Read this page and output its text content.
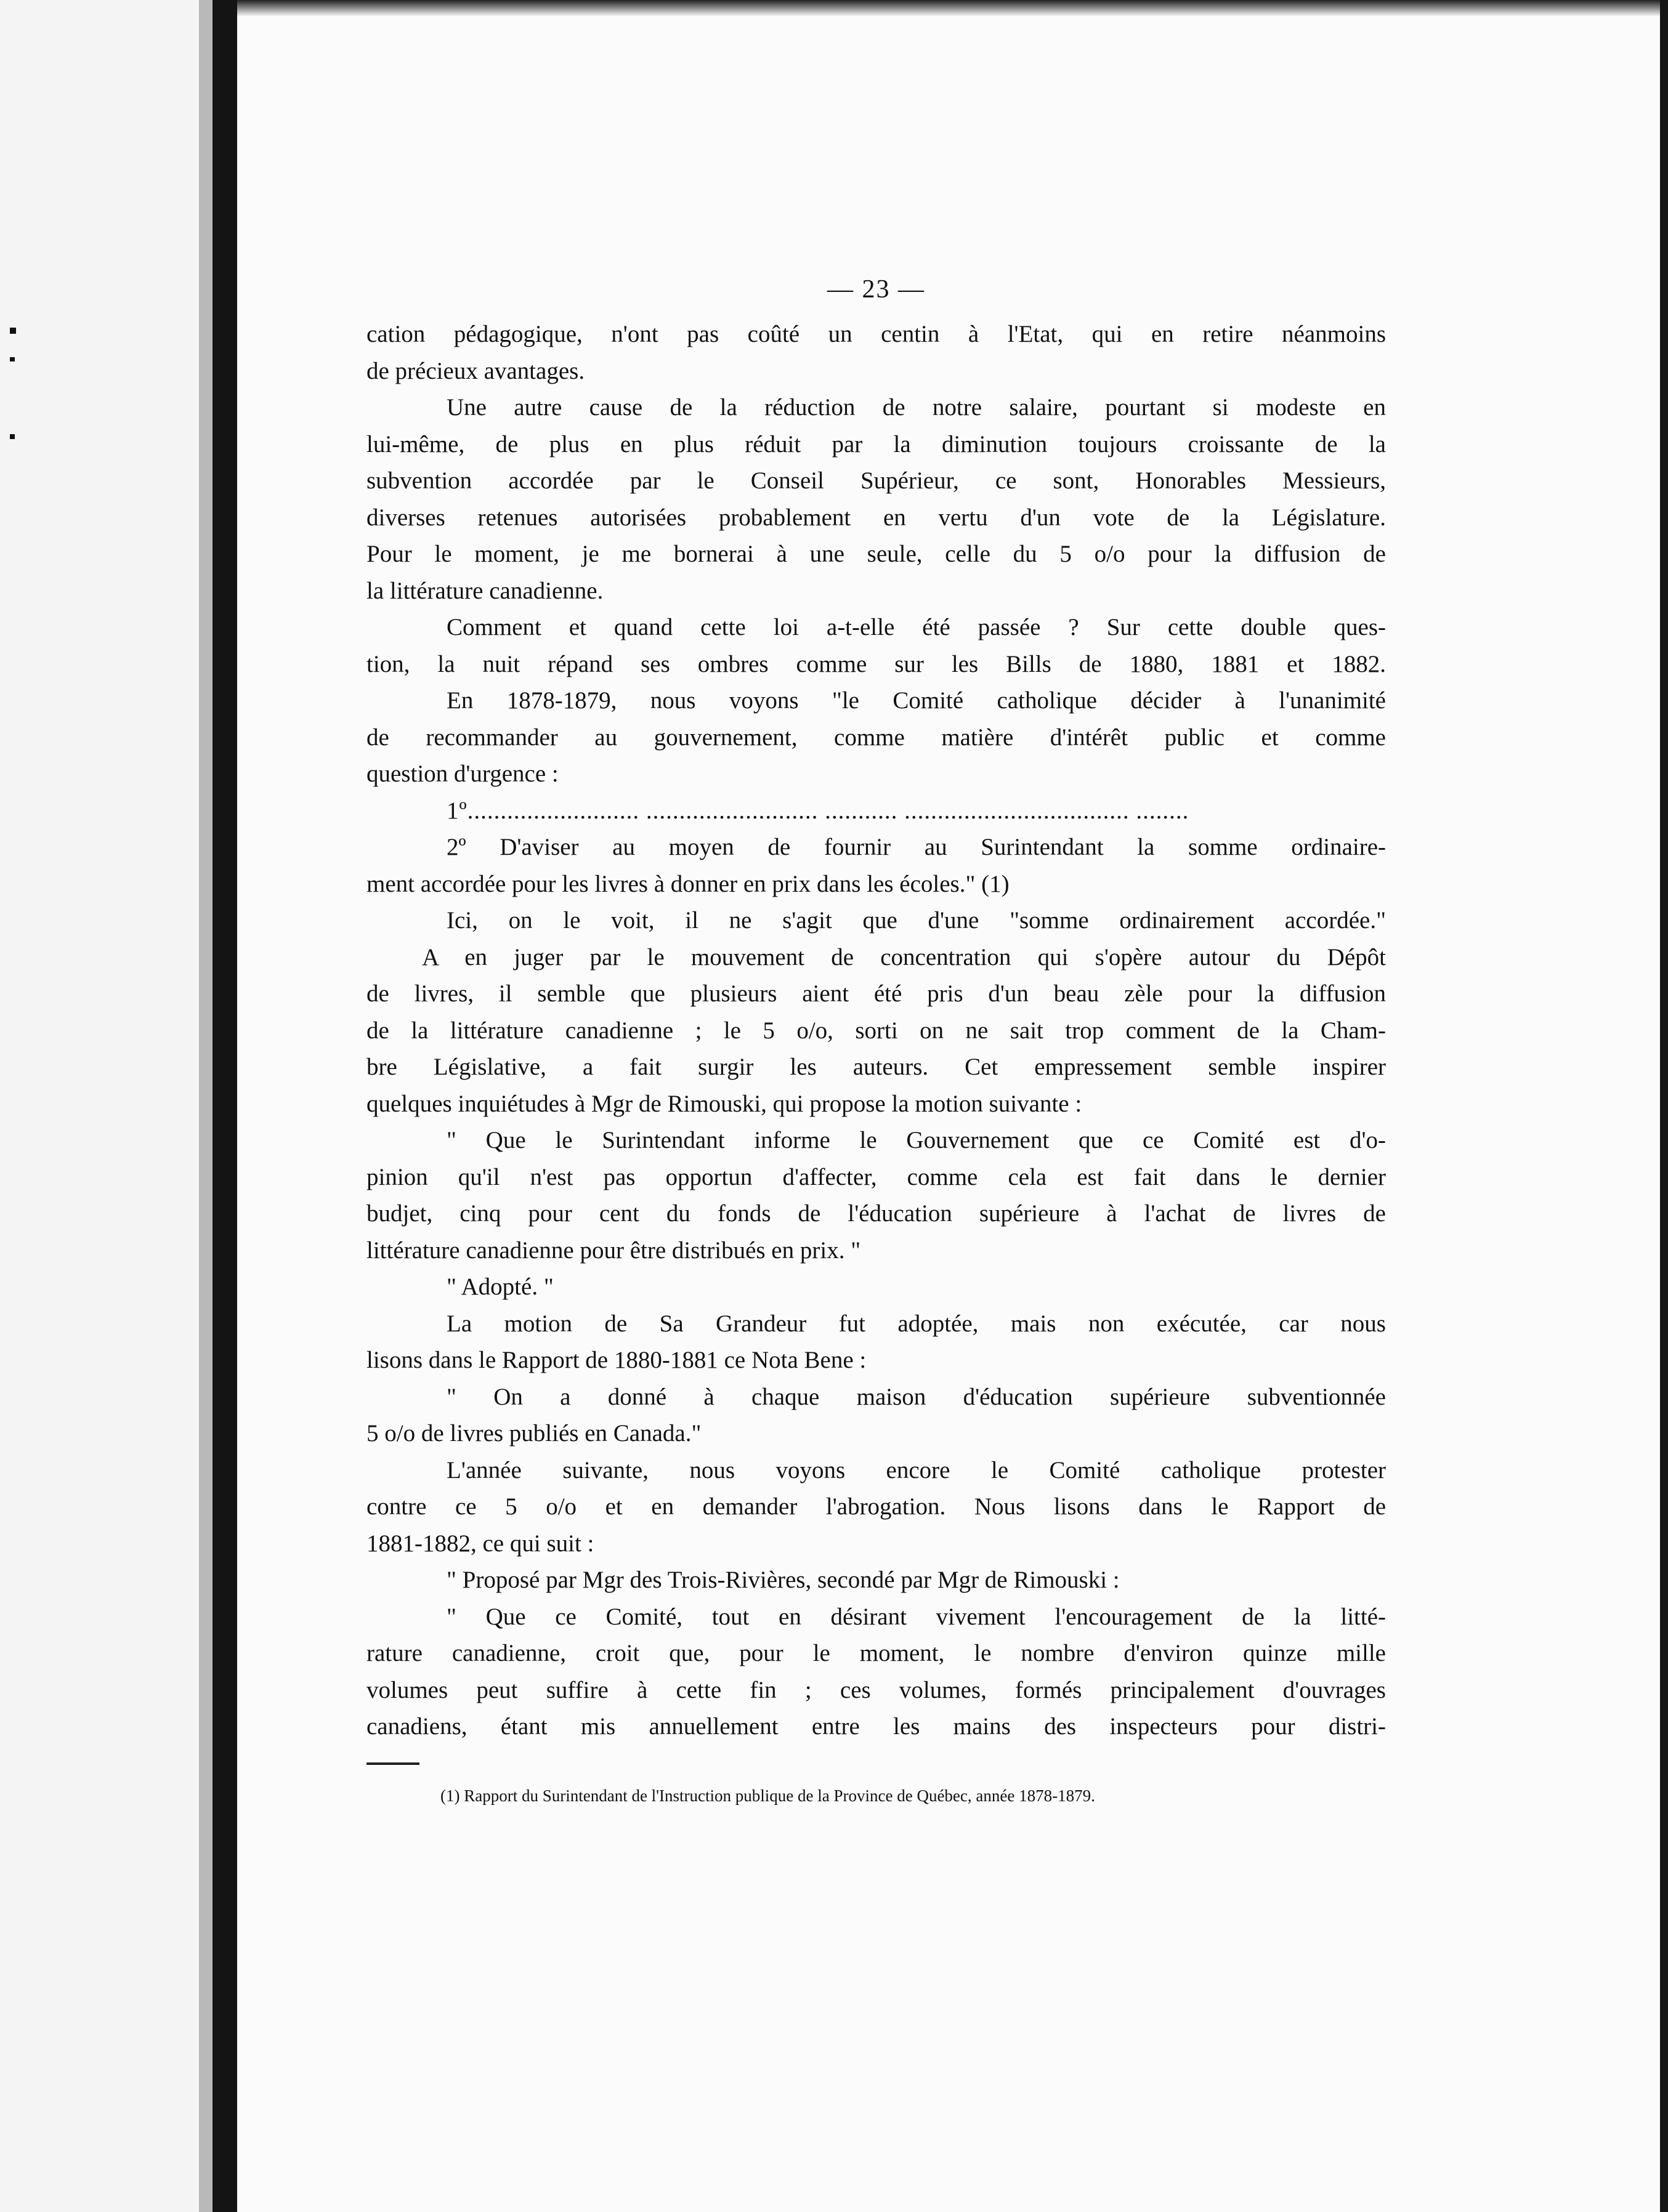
— 23 —
cation pédagogique, n'ont pas coûté un centin à l'Etat, qui en retire néanmoins
de précieux avantages.
Une autre cause de la réduction de notre salaire, pourtant si modeste en
lui-même, de plus en plus réduit par la diminution toujours croissante de la
subvention accordée par le Conseil Supérieur, ce sont, Honorables Messieurs,
diverses retenues autorisées probablement en vertu d'un vote de la Législature.
Pour le moment, je me bornerai à une seule, celle du 5 o/o pour la diffusion de
la littérature canadienne.
Comment et quand cette loi a-t-elle été passée ? Sur cette double ques-
tion, la nuit répand ses ombres comme sur les Bills de 1880, 1881 et 1882.
En 1878-1879, nous voyons "le Comité catholique décider à l'unanimité
de recommander au gouvernement, comme matière d'intérêt public et comme
question d'urgence :
1º.......................... .......................... ........... .................................. ........
2º D'aviser au moyen de fournir au Surintendant la somme ordinaire-
ment accordée pour les livres à donner en prix dans les écoles." (1)
Ici, on le voit, il ne s'agit que d'une "somme ordinairement accordée."
A en juger par le mouvement de concentration qui s'opère autour du Dépôt
de livres, il semble que plusieurs aient été pris d'un beau zèle pour la diffusion
de la littérature canadienne ; le 5 o/o, sorti on ne sait trop comment de la Cham-
bre Législative, a fait surgir les auteurs. Cet empressement semble inspirer
quelques inquiétudes à Mgr de Rimouski, qui propose la motion suivante :
" Que le Surintendant informe le Gouvernement que ce Comité est d'o-
pinion qu'il n'est pas opportun d'affecter, comme cela est fait dans le dernier
budjet, cinq pour cent du fonds de l'éducation supérieure à l'achat de livres de
littérature canadienne pour être distribués en prix. "
" Adopté. "
La motion de Sa Grandeur fut adoptée, mais non exécutée, car nous
lisons dans le Rapport de 1880-1881 ce Nota Bene :
" On a donné à chaque maison d'éducation supérieure subventionnée
5 o/o de livres publiés en Canada."
L'année suivante, nous voyons encore le Comité catholique protester
contre ce 5 o/o et en demander l'abrogation. Nous lisons dans le Rapport de
1881-1882, ce qui suit :
" Proposé par Mgr des Trois-Rivières, secondé par Mgr de Rimouski :
" Que ce Comité, tout en désirant vivement l'encouragement de la litté-
rature canadienne, croit que, pour le moment, le nombre d'environ quinze mille
volumes peut suffire à cette fin ; ces volumes, formés principalement d'ouvrages
canadiens, étant mis annuellement entre les mains des inspecteurs pour distri-
(1) Rapport du Surintendant de l'Instruction publique de la Province de Québec, année 1878-1879.
